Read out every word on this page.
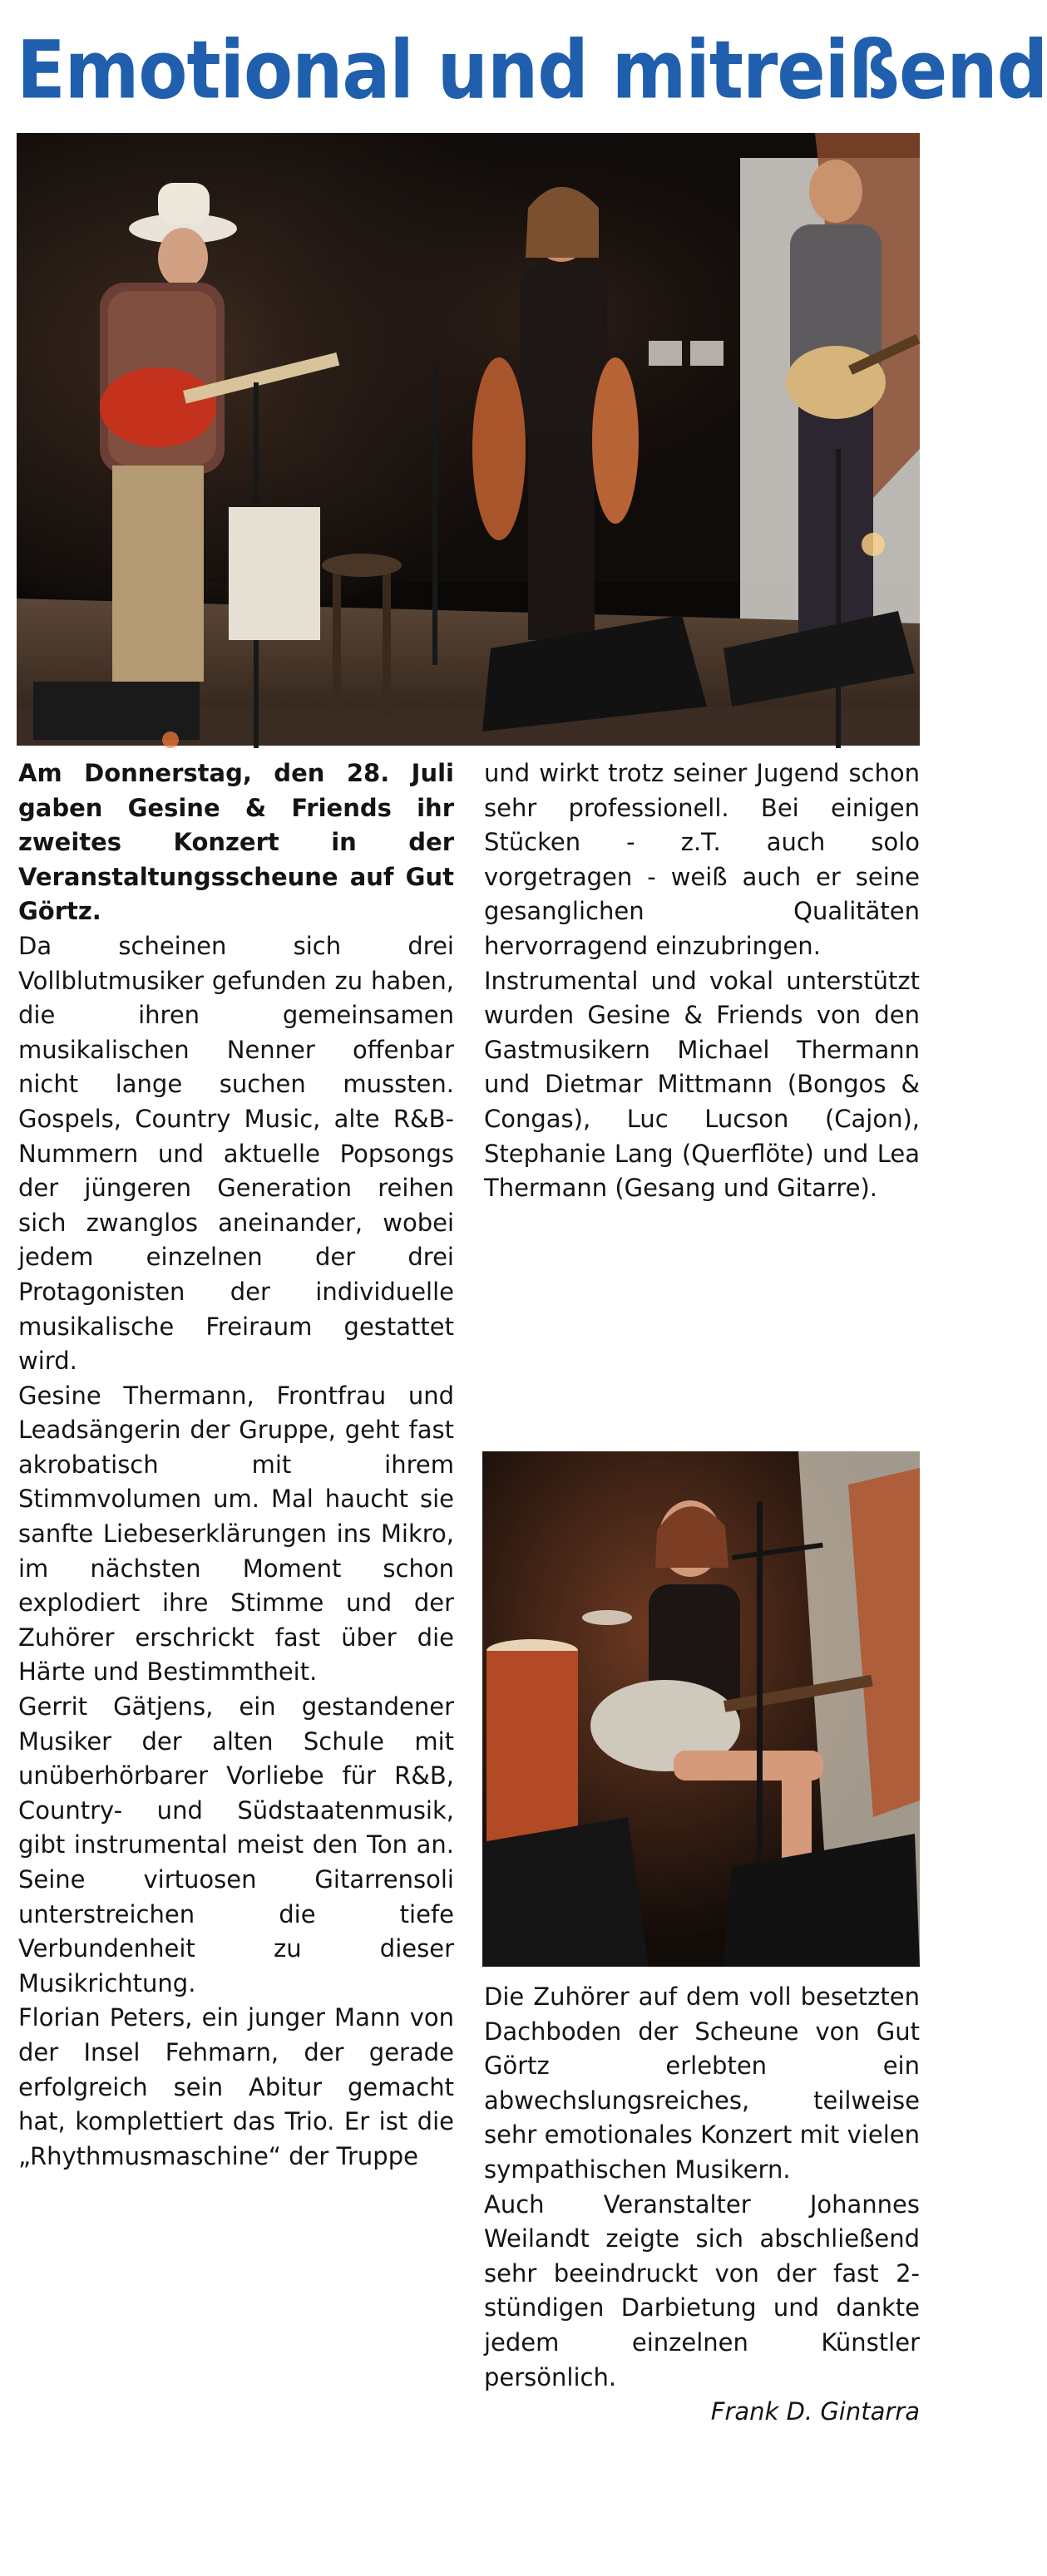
Emotional und mitreißend

Am Donnerstag, den 28. Juli gaben Gesine & Friends ihr zweites Konzert in der Veranstaltungsscheune auf Gut Görtz.

Da scheinen sich drei Vollblutmusiker gefunden zu haben, die ihren gemeinsamen musikalischen Nenner offenbar nicht lange suchen mussten. Gospels, Country Music, alte R&B-Nummern und aktuelle Popsongs der jüngeren Generation reihen sich zwanglos aneinander, wobei jedem einzelnen der drei Protagonisten der individuelle musikalische Freiraum gestattet wird.

Gesine Thermann, Frontfrau und Leadsängerin der Gruppe, geht fast akrobatisch mit ihrem Stimmvolumen um. Mal haucht sie sanfte Liebeserklärungen ins Mikro, im nächsten Moment schon explodiert ihre Stimme und der Zuhörer erschrickt fast über die Härte und Bestimmtheit.

Gerrit Gätjens, ein gestandener Musiker der alten Schule mit unüberhörbarer Vorliebe für R&B, Country- und Südstaatenmusik, gibt instrumental meist den Ton an. Seine virtuosen Gitarrensoli unterstreichen die tiefe Verbundenheit zu dieser Musikrichtung.

Florian Peters, ein junger Mann von der Insel Fehmarn, der gerade erfolgreich sein Abitur gemacht hat, komplettiert das Trio. Er ist die „Rhythmusmaschine“ der Truppe

und wirkt trotz seiner Jugend schon sehr professionell. Bei einigen Stücken - z.T. auch solo vorgetragen - weiß auch er seine gesanglichen Qualitäten hervorragend einzubringen.

Instrumental und vokal unterstützt wurden Gesine & Friends von den Gastmusikern Michael Thermann und Dietmar Mittmann (Bongos & Congas), Luc Lucson (Cajon), Stephanie Lang (Querflöte) und Lea Thermann (Gesang und Gitarre).

Die Zuhörer auf dem voll besetzten Dachboden der Scheune von Gut Görtz erlebten ein abwechslungsreiches, teilweise sehr emotionales Konzert mit vielen sympathischen Musikern.

Auch Veranstalter Johannes Weilandt zeigte sich abschließend sehr beeindruckt von der fast 2-stündigen Darbietung und dankte jedem einzelnen Künstler persönlich.

Frank D. Gintarra
